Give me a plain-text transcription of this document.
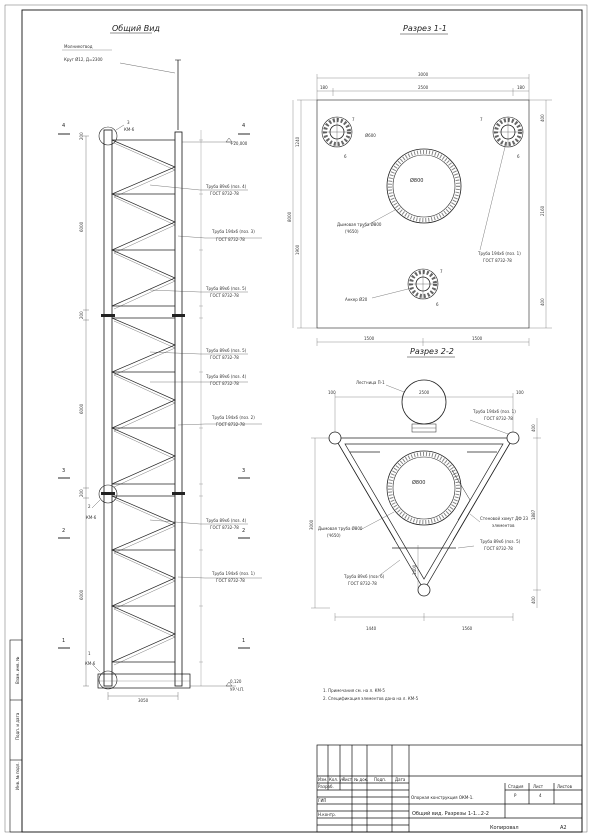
Общий Вид
Молниеотвод
Круг Ø12, Д=2300
3
КМ-6
2
КМ-6
1
КМ-6
6000
6000
6000
200
200
200
+20,000
0,120
УР.Ч.П.
3050
4	4
3	3
2	2
1	1
Труба 89х6 (поз. 4)
ГОСТ 8732-78
Труба 194х6 (поз. 3)
ГОСТ 8732-78
Труба 89х6 (поз. 5)
ГОСТ 8732-78
Труба 89х6 (поз. 5)
ГОСТ 8732-78
Труба 89х6 (поз. 4)
ГОСТ 8732-78
Труба 194х6 (поз. 2)
ГОСТ 8732-78
Труба 89х6 (поз. 4)
ГОСТ 8732-78
Труба 194х6 (поз. 1)
ГОСТ 8732-78
Разрез 1-1
3000
180	2500	180
1240
8000
1900
400
2160
400
1500	1500
Ø800
7	7
7
6	6
6
Ø600
Дымовая труба Ø800
(Ч650)
Труба 194х6 (поз. 1)
ГОСТ 8732-78
Анкер Ø20
Разрез 2-2
Лестница П-1
Ø800
100	2500	100
3000
400
1887
400
1440	1560
1400
Труба 194х6 (поз. 1)
ГОСТ 8732-78
Стеновой хомут ДФ 23
элементов
Дымовая труба Ø800
(Ч650)
Труба 89х6 (поз. 5)
ГОСТ 8732-78
Труба 89х6 (поз. 6)
ГОСТ 8732-78
1. Примечания см. на л. КМ-5
2. Спецификация элементов дана на л. КМ-5
Инв. № подл.
Подп. и дата
Взам. инв. №
Изм. Кол. уч
Лист № док. Подп. Дата
Разраб.
ГИП
Н.контр.
Опорная конструкция ОКМ-1.
Общий вид. Разрезы 1-1...2-2
Стадия Лист	Листов
Р	4
Копировал	А2
